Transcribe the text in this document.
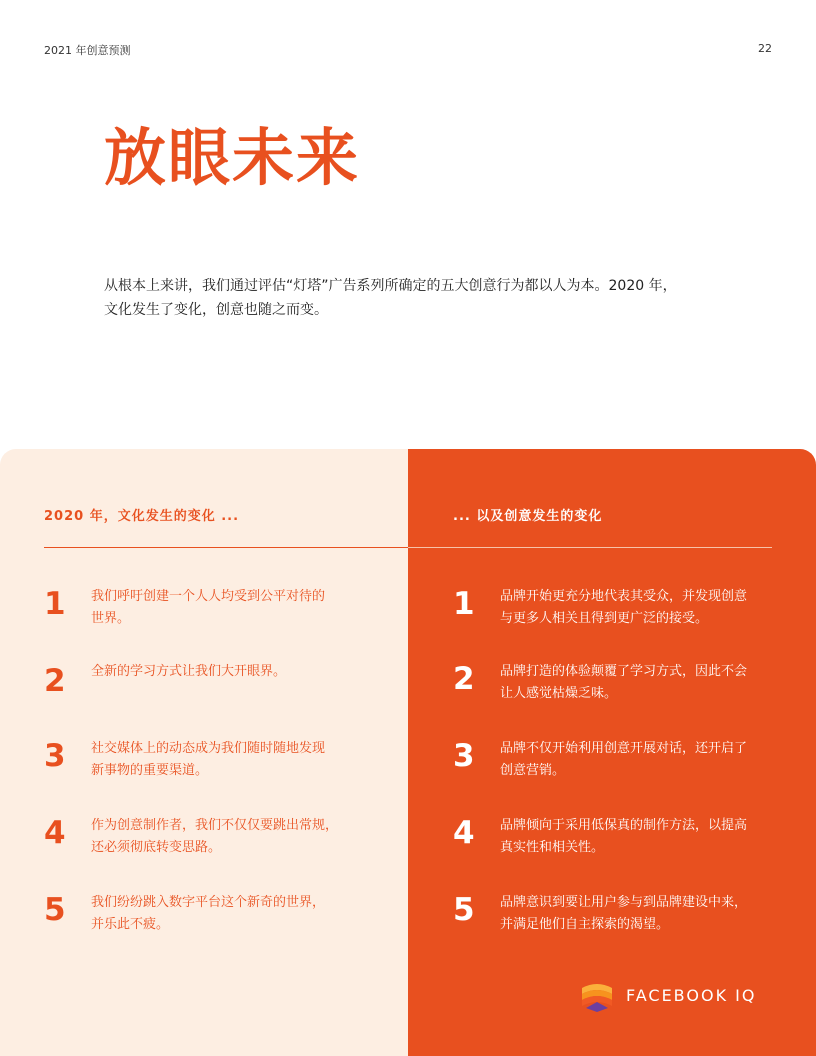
2021 年创意预测	22
放眼未来
从根本上来讲，我们通过评估“灯塔”广告系列所确定的五大创意行为都以人为本。2020 年，
文化发生了变化，创意也随之而变。
2020 年，文化发生的变化 ...	... 以及创意发生的变化
1 我们呼吁创建一个人人均受到公平对待的
世界。
2 全新的学习方式让我们大开眼界。
3 社交媒体上的动态成为我们随时随地发现
新事物的重要渠道。
4 作为创意制作者，我们不仅仅要跳出常规，
还必须彻底转变思路。
5 我们纷纷跳入数字平台这个新奇的世界，
并乐此不疲。
1 品牌开始更充分地代表其受众，并发现创意
与更多人相关且得到更广泛的接受。
2 品牌打造的体验颠覆了学习方式，因此不会
让人感觉枯燥乏味。
3 品牌不仅开始利用创意开展对话，还开启了
创意营销。
4 品牌倾向于采用低保真的制作方法，以提高
真实性和相关性。
5 品牌意识到要让用户参与到品牌建设中来，
并满足他们自主探索的渴望。
FACEBOOK IQ
